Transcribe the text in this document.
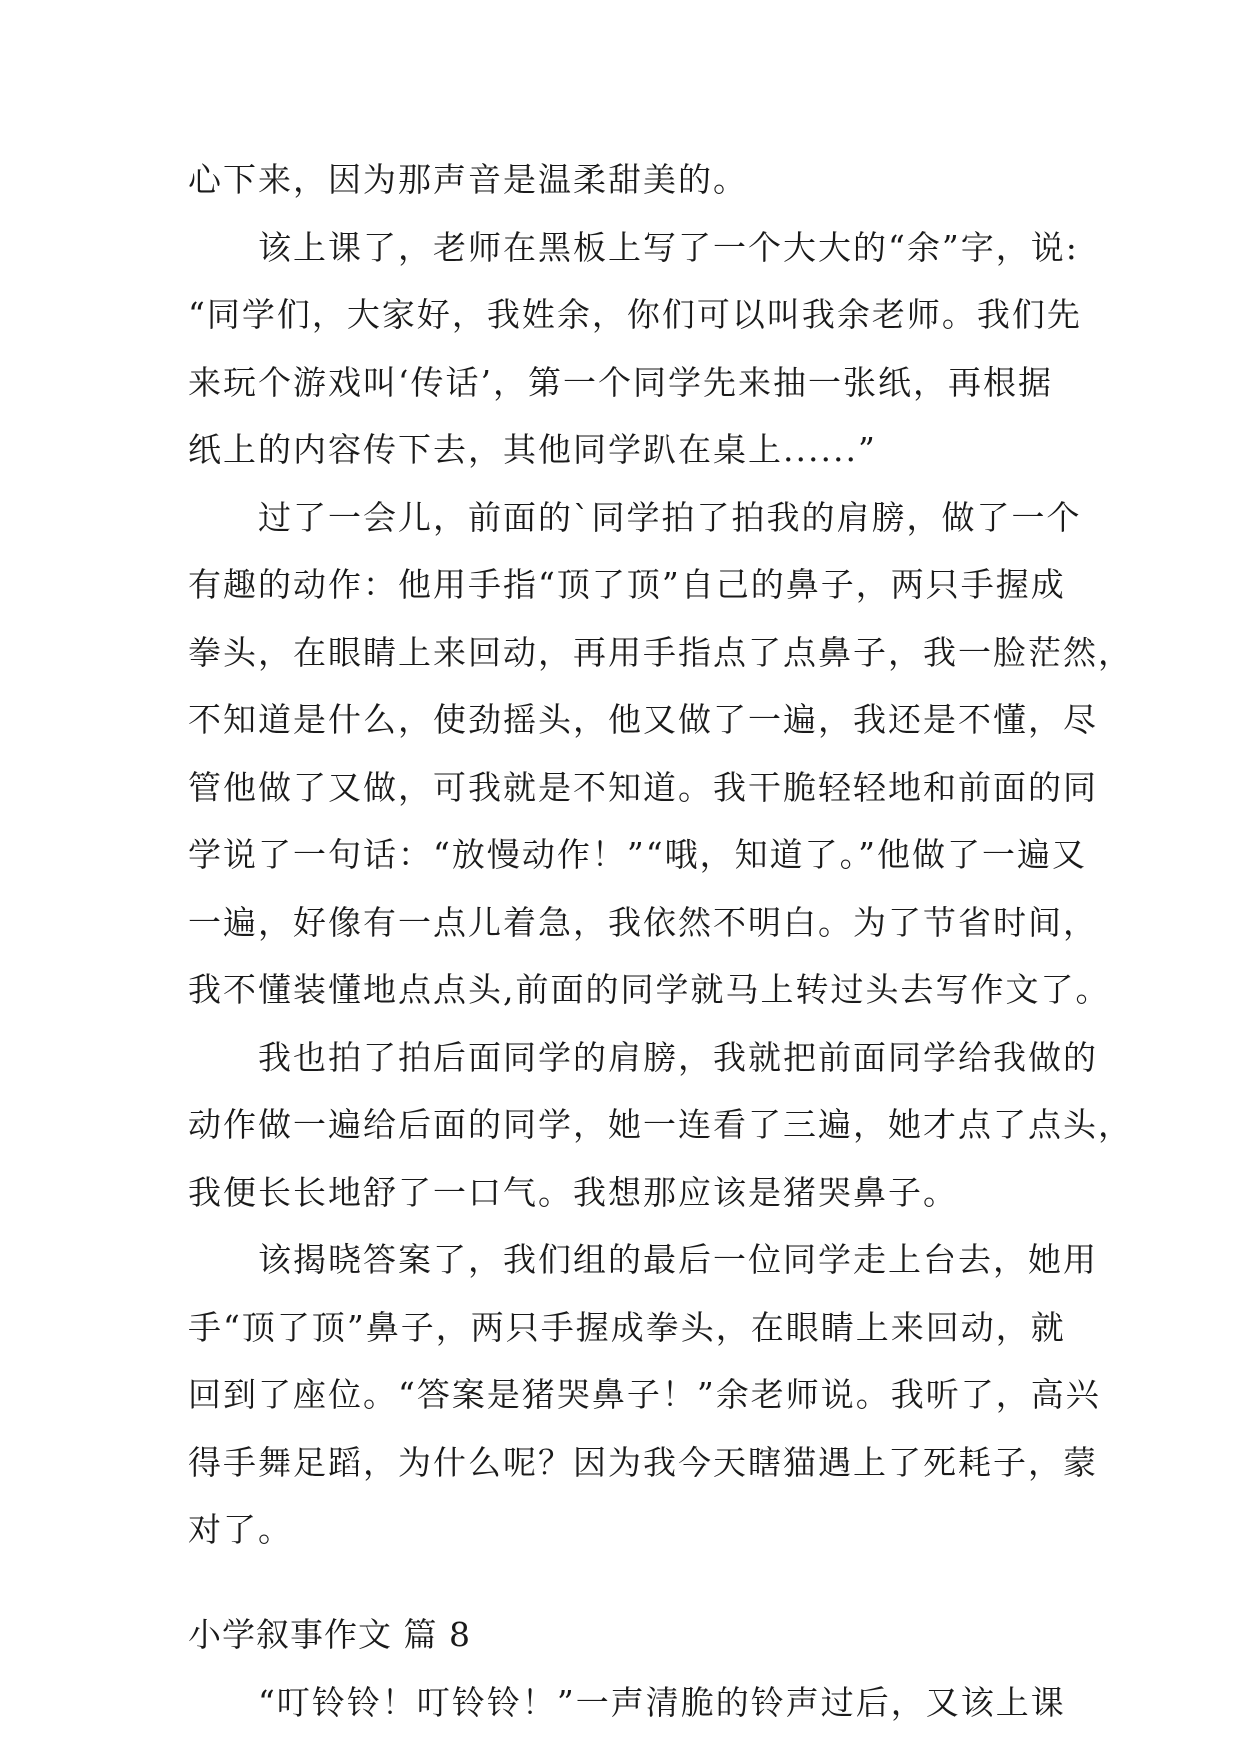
心下来，因为那声音是温柔甜美的。
　　该上课了，老师在黑板上写了一个大大的“余”字，说:
“同学们，大家好，我姓余，你们可以叫我余老师。我们先
来玩个游戏叫‘传话’，第一个同学先来抽一张纸，再根据
纸上的内容传下去，其他同学趴在桌上......”
　　过了一会儿，前面的`同学拍了拍我的肩膀，做了一个
有趣的动作：他用手指“顶了顶”自己的鼻子，两只手握成
拳头，在眼睛上来回动，再用手指点了点鼻子，我一脸茫然，
不知道是什么，使劲摇头，他又做了一遍，我还是不懂，尽
管他做了又做，可我就是不知道。我干脆轻轻地和前面的同
学说了一句话：“放慢动作！”“哦，知道了。”他做了一遍又
一遍，好像有一点儿着急，我依然不明白。为了节省时间，
我不懂装懂地点点头,前面的同学就马上转过头去写作文了。
　　我也拍了拍后面同学的肩膀，我就把前面同学给我做的
动作做一遍给后面的同学，她一连看了三遍，她才点了点头，
我便长长地舒了一口气。我想那应该是猪哭鼻子。
　　该揭晓答案了，我们组的最后一位同学走上台去，她用
手“顶了顶”鼻子，两只手握成拳头，在眼睛上来回动，就
回到了座位。“答案是猪哭鼻子！”余老师说。我听了，高兴
得手舞足蹈，为什么呢？因为我今天瞎猫遇上了死耗子，蒙
对了。
小学叙事作文 篇 8
　　“叮铃铃！叮铃铃！”一声清脆的铃声过后，又该上课
